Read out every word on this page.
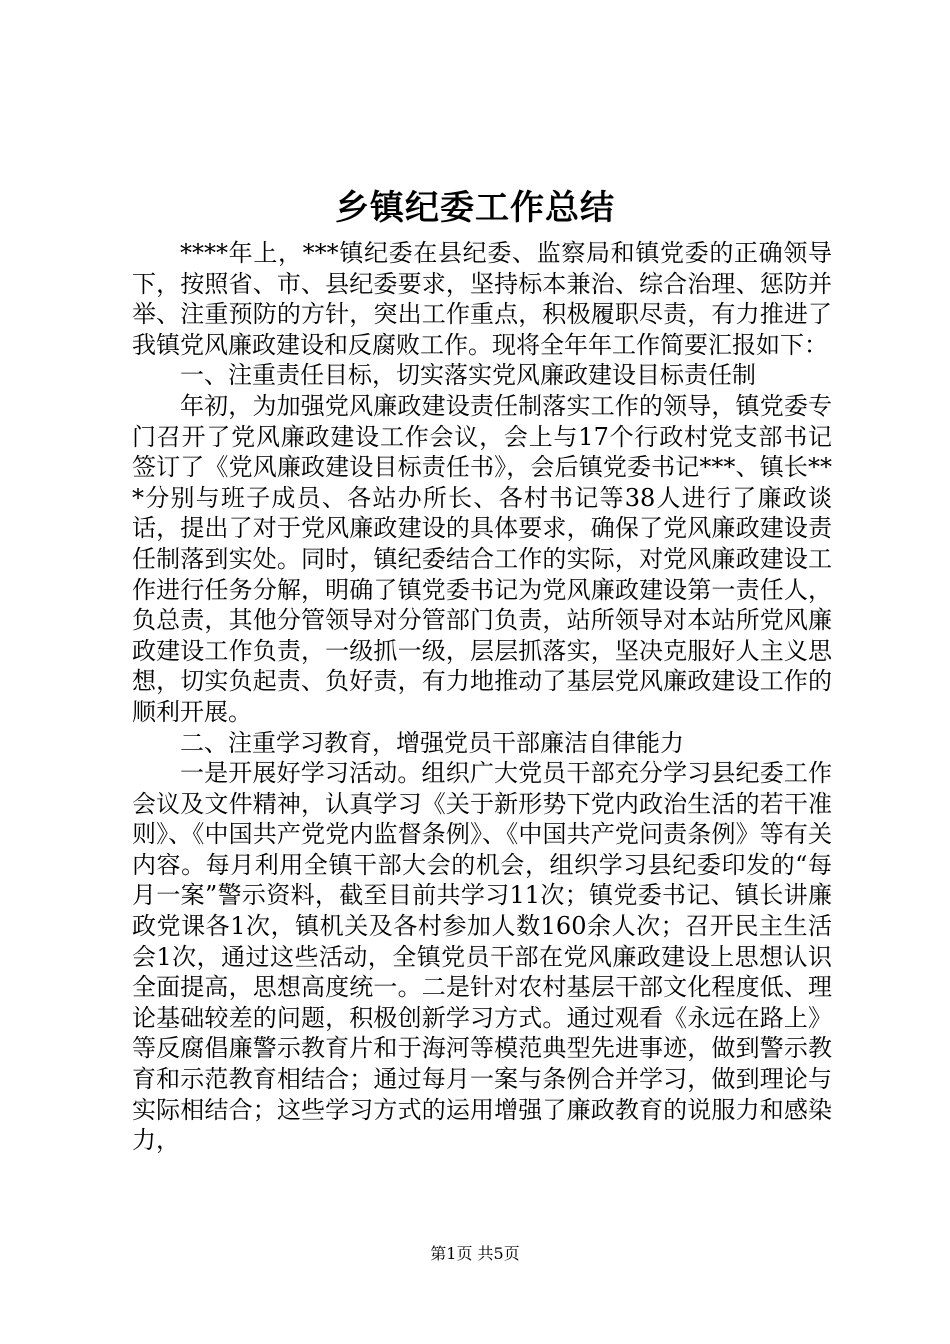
乡镇纪委工作总结

****年上，***镇纪委在县纪委、监察局和镇党委的正确领导下，按照省、市、县纪委要求，坚持标本兼治、综合治理、惩防并举、注重预防的方针，突出工作重点，积极履职尽责，有力推进了我镇党风廉政建设和反腐败工作。现将全年年工作简要汇报如下：

一、注重责任目标，切实落实党风廉政建设目标责任制

年初，为加强党风廉政建设责任制落实工作的领导，镇党委专门召开了党风廉政建设工作会议，会上与17个行政村党支部书记签订了《党风廉政建设目标责任书》，会后镇党委书记***、镇长***分别与班子成员、各站办所长、各村书记等38人进行了廉政谈话，提出了对于党风廉政建设的具体要求，确保了党风廉政建设责任制落到实处。同时，镇纪委结合工作的实际，对党风廉政建设工作进行任务分解，明确了镇党委书记为党风廉政建设第一责任人，负总责，其他分管领导对分管部门负责，站所领导对本站所党风廉政建设工作负责，一级抓一级，层层抓落实，坚决克服好人主义思想，切实负起责、负好责，有力地推动了基层党风廉政建设工作的顺利开展。

二、注重学习教育，增强党员干部廉洁自律能力

一是开展好学习活动。组织广大党员干部充分学习县纪委工作会议及文件精神，认真学习《关于新形势下党内政治生活的若干准则》、《中国共产党党内监督条例》、《中国共产党问责条例》等有关内容。每月利用全镇干部大会的机会，组织学习县纪委印发的“每月一案”警示资料，截至目前共学习11次；镇党委书记、镇长讲廉政党课各1次，镇机关及各村参加人数160余人次；召开民主生活会1次，通过这些活动，全镇党员干部在党风廉政建设上思想认识全面提高，思想高度统一。二是针对农村基层干部文化程度低、理论基础较差的问题，积极创新学习方式。通过观看《永远在路上》等反腐倡廉警示教育片和于海河等模范典型先进事迹，做到警示教育和示范教育相结合；通过每月一案与条例合并学习，做到理论与实际相结合；这些学习方式的运用增强了廉政教育的说服力和感染力，

第1页 共5页
